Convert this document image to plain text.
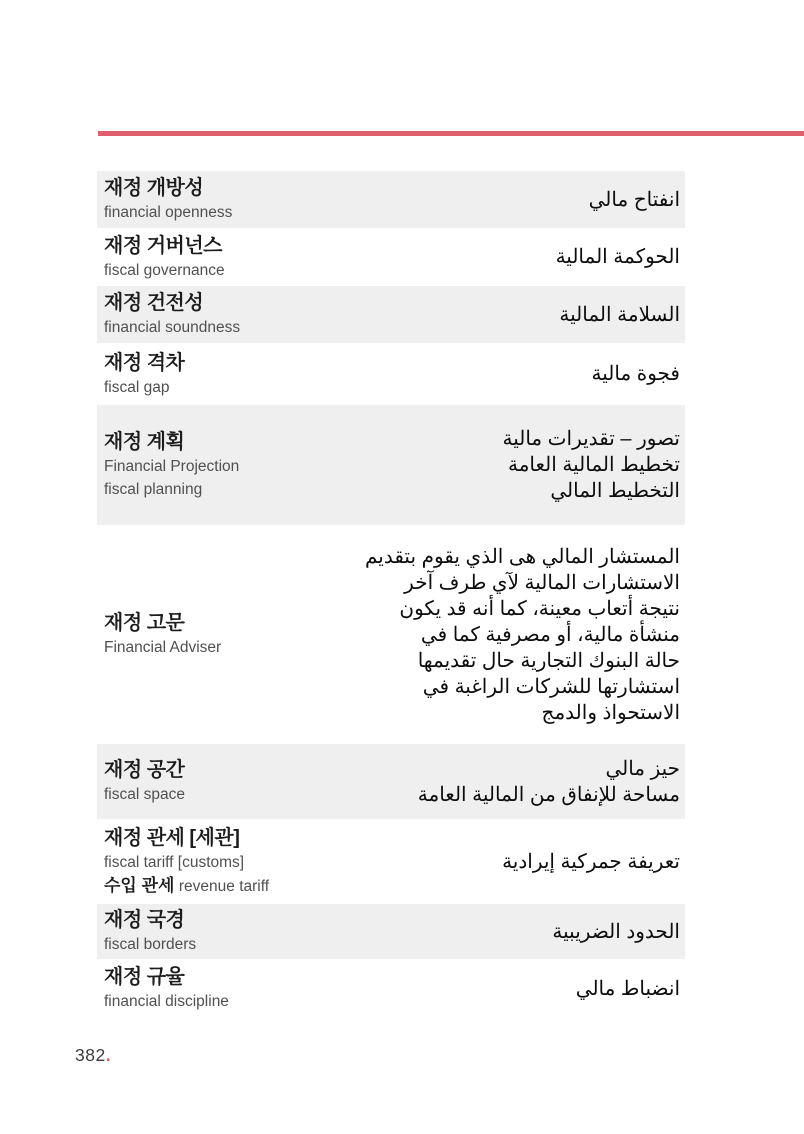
재정 개방성
financial openness
انفتاح مالي
재정 거버넌스
fiscal governance
الحوكمة المالية
재정 건전성
financial soundness
السلامة المالية
재정 격차
fiscal gap
فجوة مالية
재정 계획
Financial Projection
fiscal planning
تصور – تقديرات مالية
تخطيط المالية العامة
التخطيط المالي
재정 고문
Financial Adviser
المستشار المالي هى الذي يقوم بتقديم
الاستشارات المالية لآي طرف آخر
نتيجة أتعاب معينة، كما أنه قد يكون
منشأة مالية، أو مصرفية كما في
حالة البنوك التجارية حال تقديمها
استشارتها للشركات الراغبة في
الاستحواذ والدمج
재정 공간
fiscal space
حيز مالي
مساحة للإنفاق من المالية العامة
재정 관세 [세관]
fiscal tariff [customs]
수입 관세 revenue tariff
تعريفة جمركية إيرادية
재정 국경
fiscal borders
الحدود الضريبية
재정 규율
financial discipline
انضباط مالي
382.
